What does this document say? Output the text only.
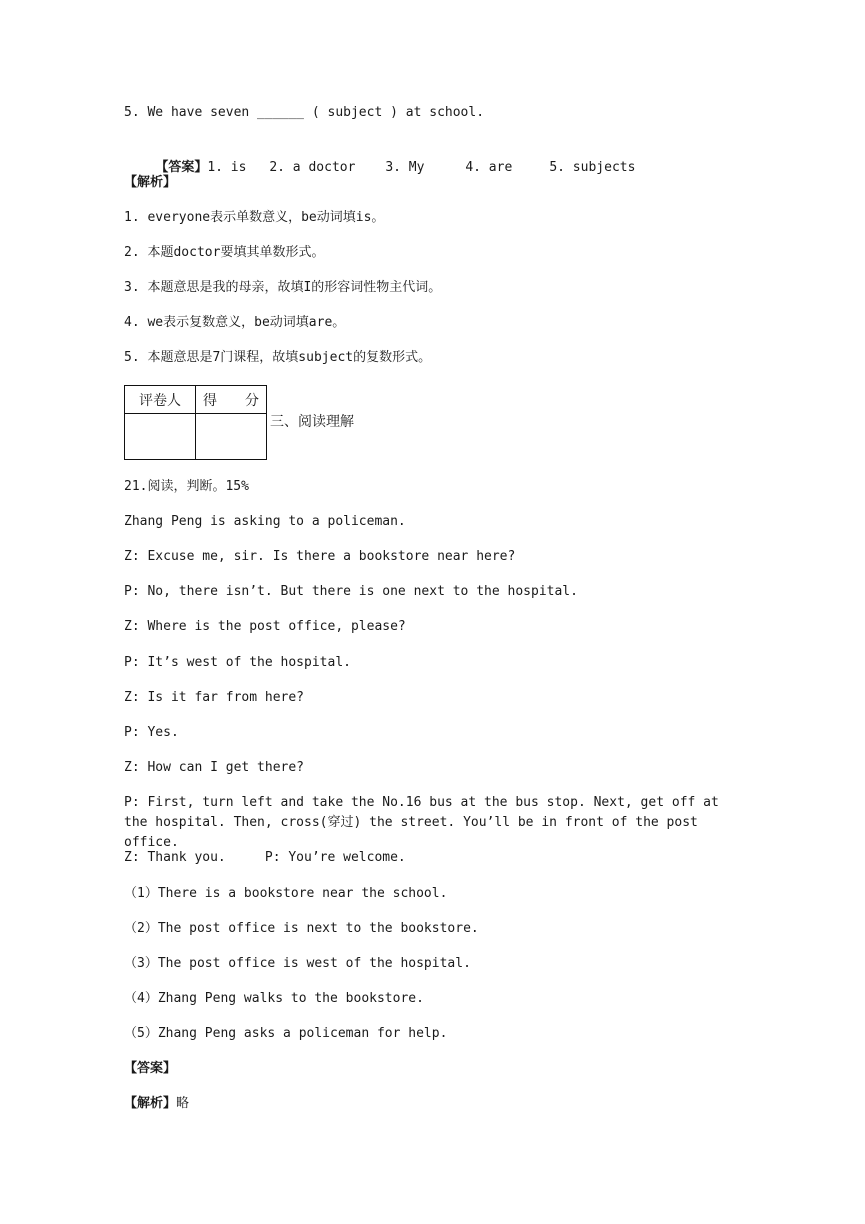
5. We have seven ______ ( subject ) at school.

【答案】1. is 2. a doctor 3. My	4. are	5. subjects

【解析】
1. everyone表示单数意义，be动词填is。
2. 本题doctor要填其单数形式。
3. 本题意思是我的母亲，故填I的形容词性物主代词。
4. we表示复数意义，be动词填are。
5. 本题意思是7门课程，故填subject的复数形式。
评卷人	得 分

三、阅读理解
21.阅读，判断。15%
Zhang Peng is asking to a policeman.
Z: Excuse me, sir. Is there a bookstore near here?
P: No, there isn’t. But there is one next to the hospital.
Z: Where is the post office, please?
P: It’s west of the hospital.
Z: Is it far from here?
P: Yes.
Z: How can I get there?
P: First, turn left and take the No.16 bus at the bus stop. Next, get off at the hospital. Then, cross(穿过) the street. You’ll be in front of the post office.
Z: Thank you.     P: You’re welcome.
（1）There is a bookstore near the school.
（2）The post office is next to the bookstore.
（3）The post office is west of the hospital.
（4）Zhang Peng walks to the bookstore.
（5）Zhang Peng asks a policeman for help.
【答案】
【解析】略
